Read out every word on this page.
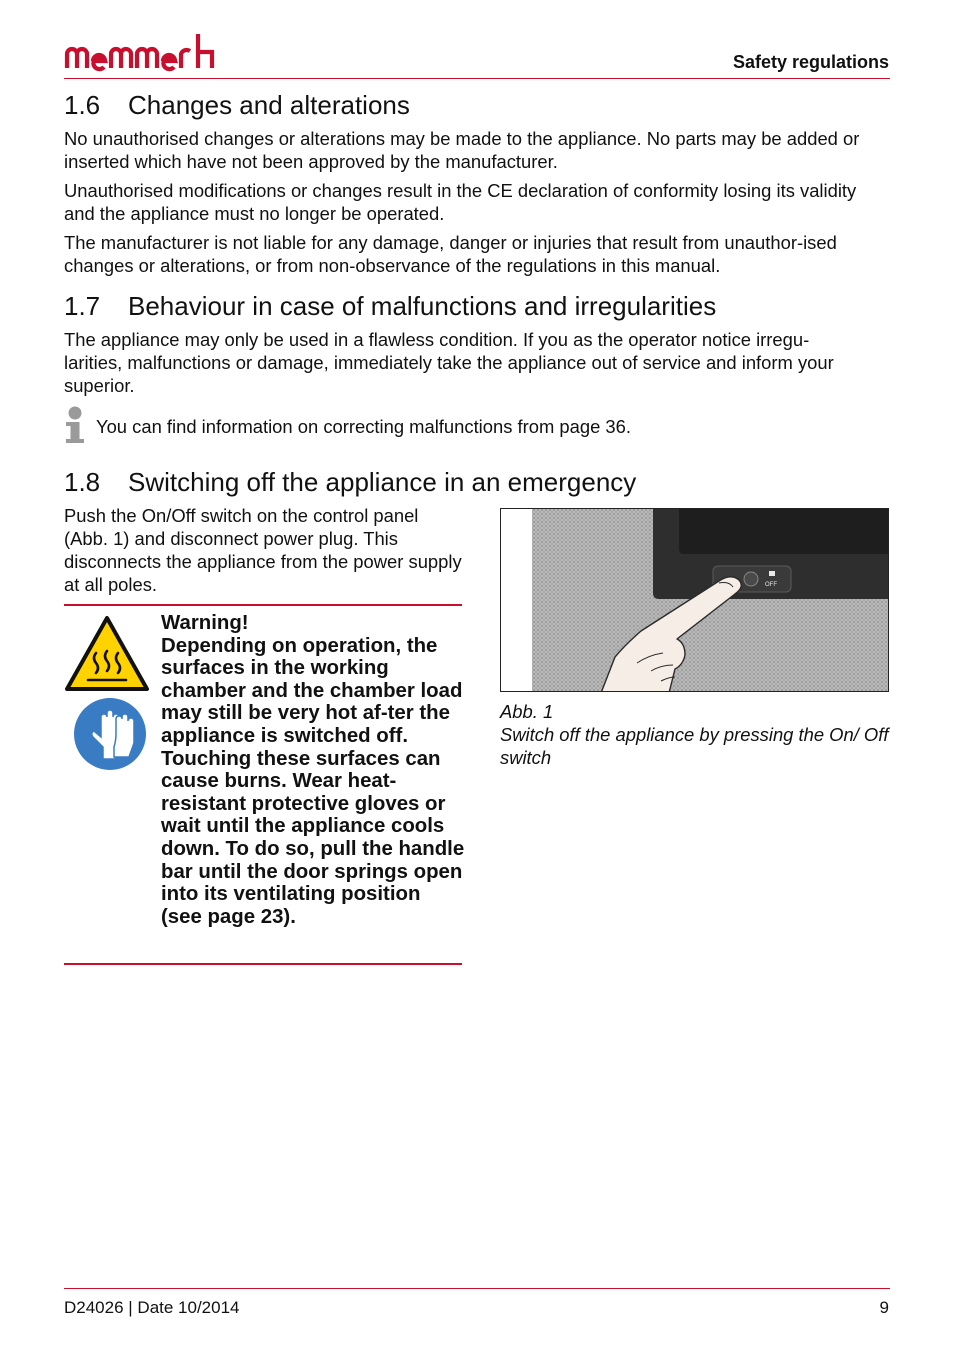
memmert	Safety regulations
1.6 Changes and alterations

No unauthorised changes or alterations may be made to the appliance. No parts may be added or inserted which have not been approved by the manufacturer.

Unauthorised modifications or changes result in the CE declaration of conformity losing its validity and the appliance must no longer be operated.

The manufacturer is not liable for any damage, danger or injuries that result from unauthor-ised changes or alterations, or from non-observance of the regulations in this manual.

1.7 Behaviour in case of malfunctions and irregularities

The appliance may only be used in a flawless condition. If you as the operator notice irregu-larities, malfunctions or damage, immediately take the appliance out of service and inform your superior.

You can find information on correcting malfunctions from page 36.
1.8 Switching off the appliance in an emergency

Push the On/Off switch on the control panel (Abb. 1) and disconnect power plug. This disconnects the appliance from the power supply at all poles.

Warning!
Depending on operation, the surfaces in the working chamber and the chamber load may still be very hot af-ter the appliance is switched off. Touching these surfaces can cause burns. Wear heat-resistant protective gloves or wait until the appliance cools down. To do so, pull the handle bar until the door springs open into its ventilating position (see page 23).
OFF
Abb. 1
Switch off the appliance by pressing the On/ Off switch
D24026 | Date 10/2014	9
